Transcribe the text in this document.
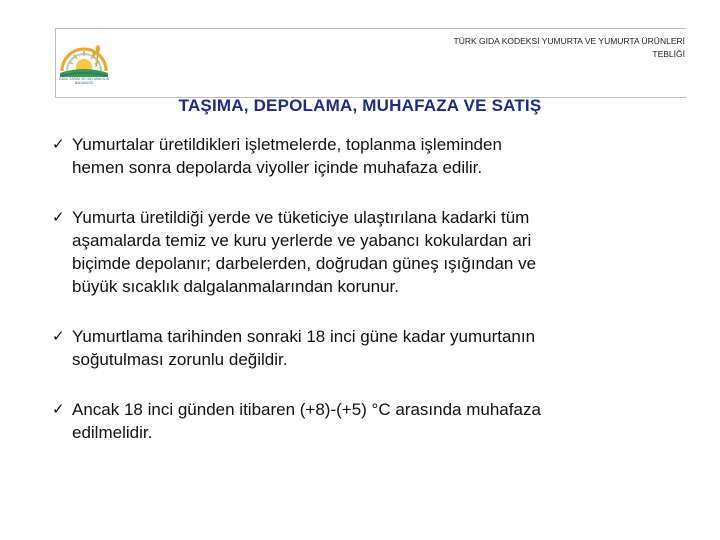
GIDA, TARIM VE HAYVANCILIK
BAKANLIĞI
TÜRK GIDA KODEKSİ YUMURTA VE YUMURTA ÜRÜNLERİ
TEBLİĞİ
TAŞIMA, DEPOLAMA, MUHAFAZA VE SATIŞ
✓ Yumurtalar üretildikleri işletmelerde, toplanma işleminden
hemen sonra depolarda viyoller içinde muhafaza edilir.
✓ Yumurta üretildiği yerde ve tüketiciye ulaştırılana kadarki tüm
aşamalarda temiz ve kuru yerlerde ve yabancı kokulardan ari
biçimde depolanır; darbelerden, doğrudan güneş ışığından ve
büyük sıcaklık dalgalanmalarından korunur.
✓ Yumurtlama tarihinden sonraki 18 inci güne kadar yumurtanın
soğutulması zorunlu değildir.
✓ Ancak 18 inci günden itibaren (+8)-(+5) °C arasında muhafaza
edilmelidir.
